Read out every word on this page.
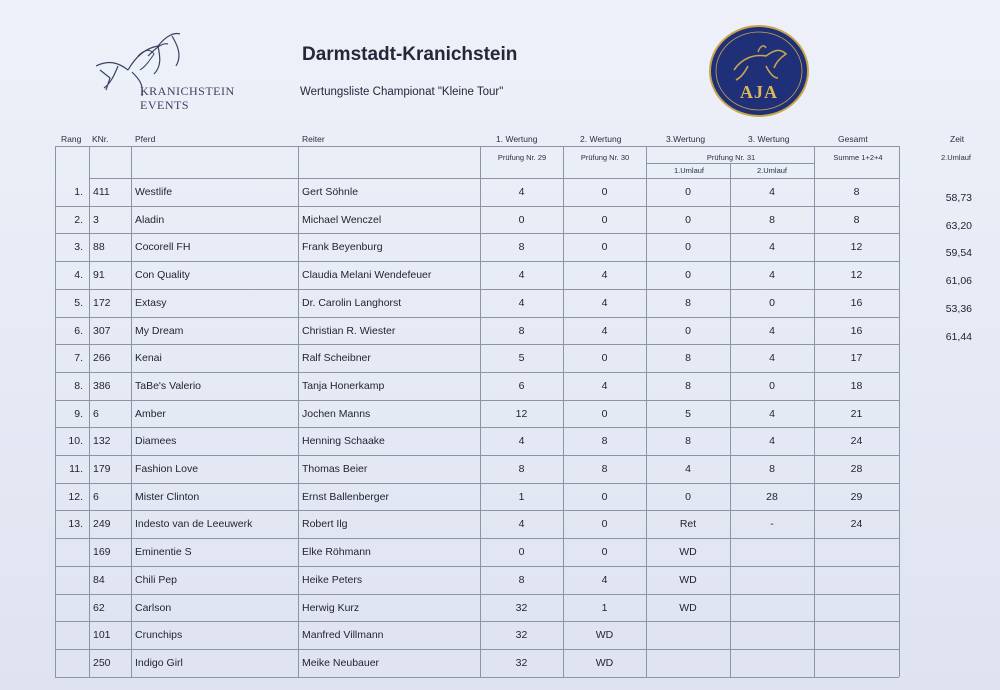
KRANICHSTEIN
EVENTS
Darmstadt-Kranichstein
Wertungsliste Championat "Kleine Tour"	AJA
Rang KNr.	Pferd	Reiter	1. Wertung	2. Wertung	3.Wertung	3. Wertung	Gesamt	Zeit
Prüfung Nr. 29	Prüfung Nr. 30	Prüfung Nr. 31
1.Umlauf	2.Umlauf
Summe 1+2+4	2.Umlauf
1. 411 Westlife	Gert Söhnle	4	0	0	4	8	58,73
2. 3	Aladin	Michael Wenczel	0	0	0	8	8	63,20
3. 88	Cocorell FH	Frank Beyenburg	8	0	0	4	12	59,54
4. 91	Con Quality	Claudia Melani Wendefeuer	4	4	0	4	12	61,06
5. 172 Extasy	Dr. Carolin Langhorst	4	4	8	0	16	53,36
6. 307 My Dream	Christian R. Wiester	8	4	0	4	16	61,44
7. 266 Kenai	Ralf Scheibner	5	0	8	4	17
8. 386 TaBe's Valerio	Tanja Honerkamp	6	4	8	0	18
9. 6	Amber	Jochen Manns	12	0	5	4	21
10. 132 Diamees	Henning Schaake	4	8	8	4	24
11. 179 Fashion Love	Thomas Beier	8	8	4	8	28
12. 6	Mister Clinton	Ernst Ballenberger	1	0	0	28	29
13. 249 Indesto van de Leeuwerk	Robert Ilg	4	0	Ret	-	24
169 Eminentie S	Elke Röhmann	0	0	WD
84	Chili Pep	Heike Peters	8	4	WD
62	Carlson	Herwig Kurz	32	1	WD
101 Crunchips	Manfred Villmann	32	WD
250 Indigo Girl	Meike Neubauer	32	WD
